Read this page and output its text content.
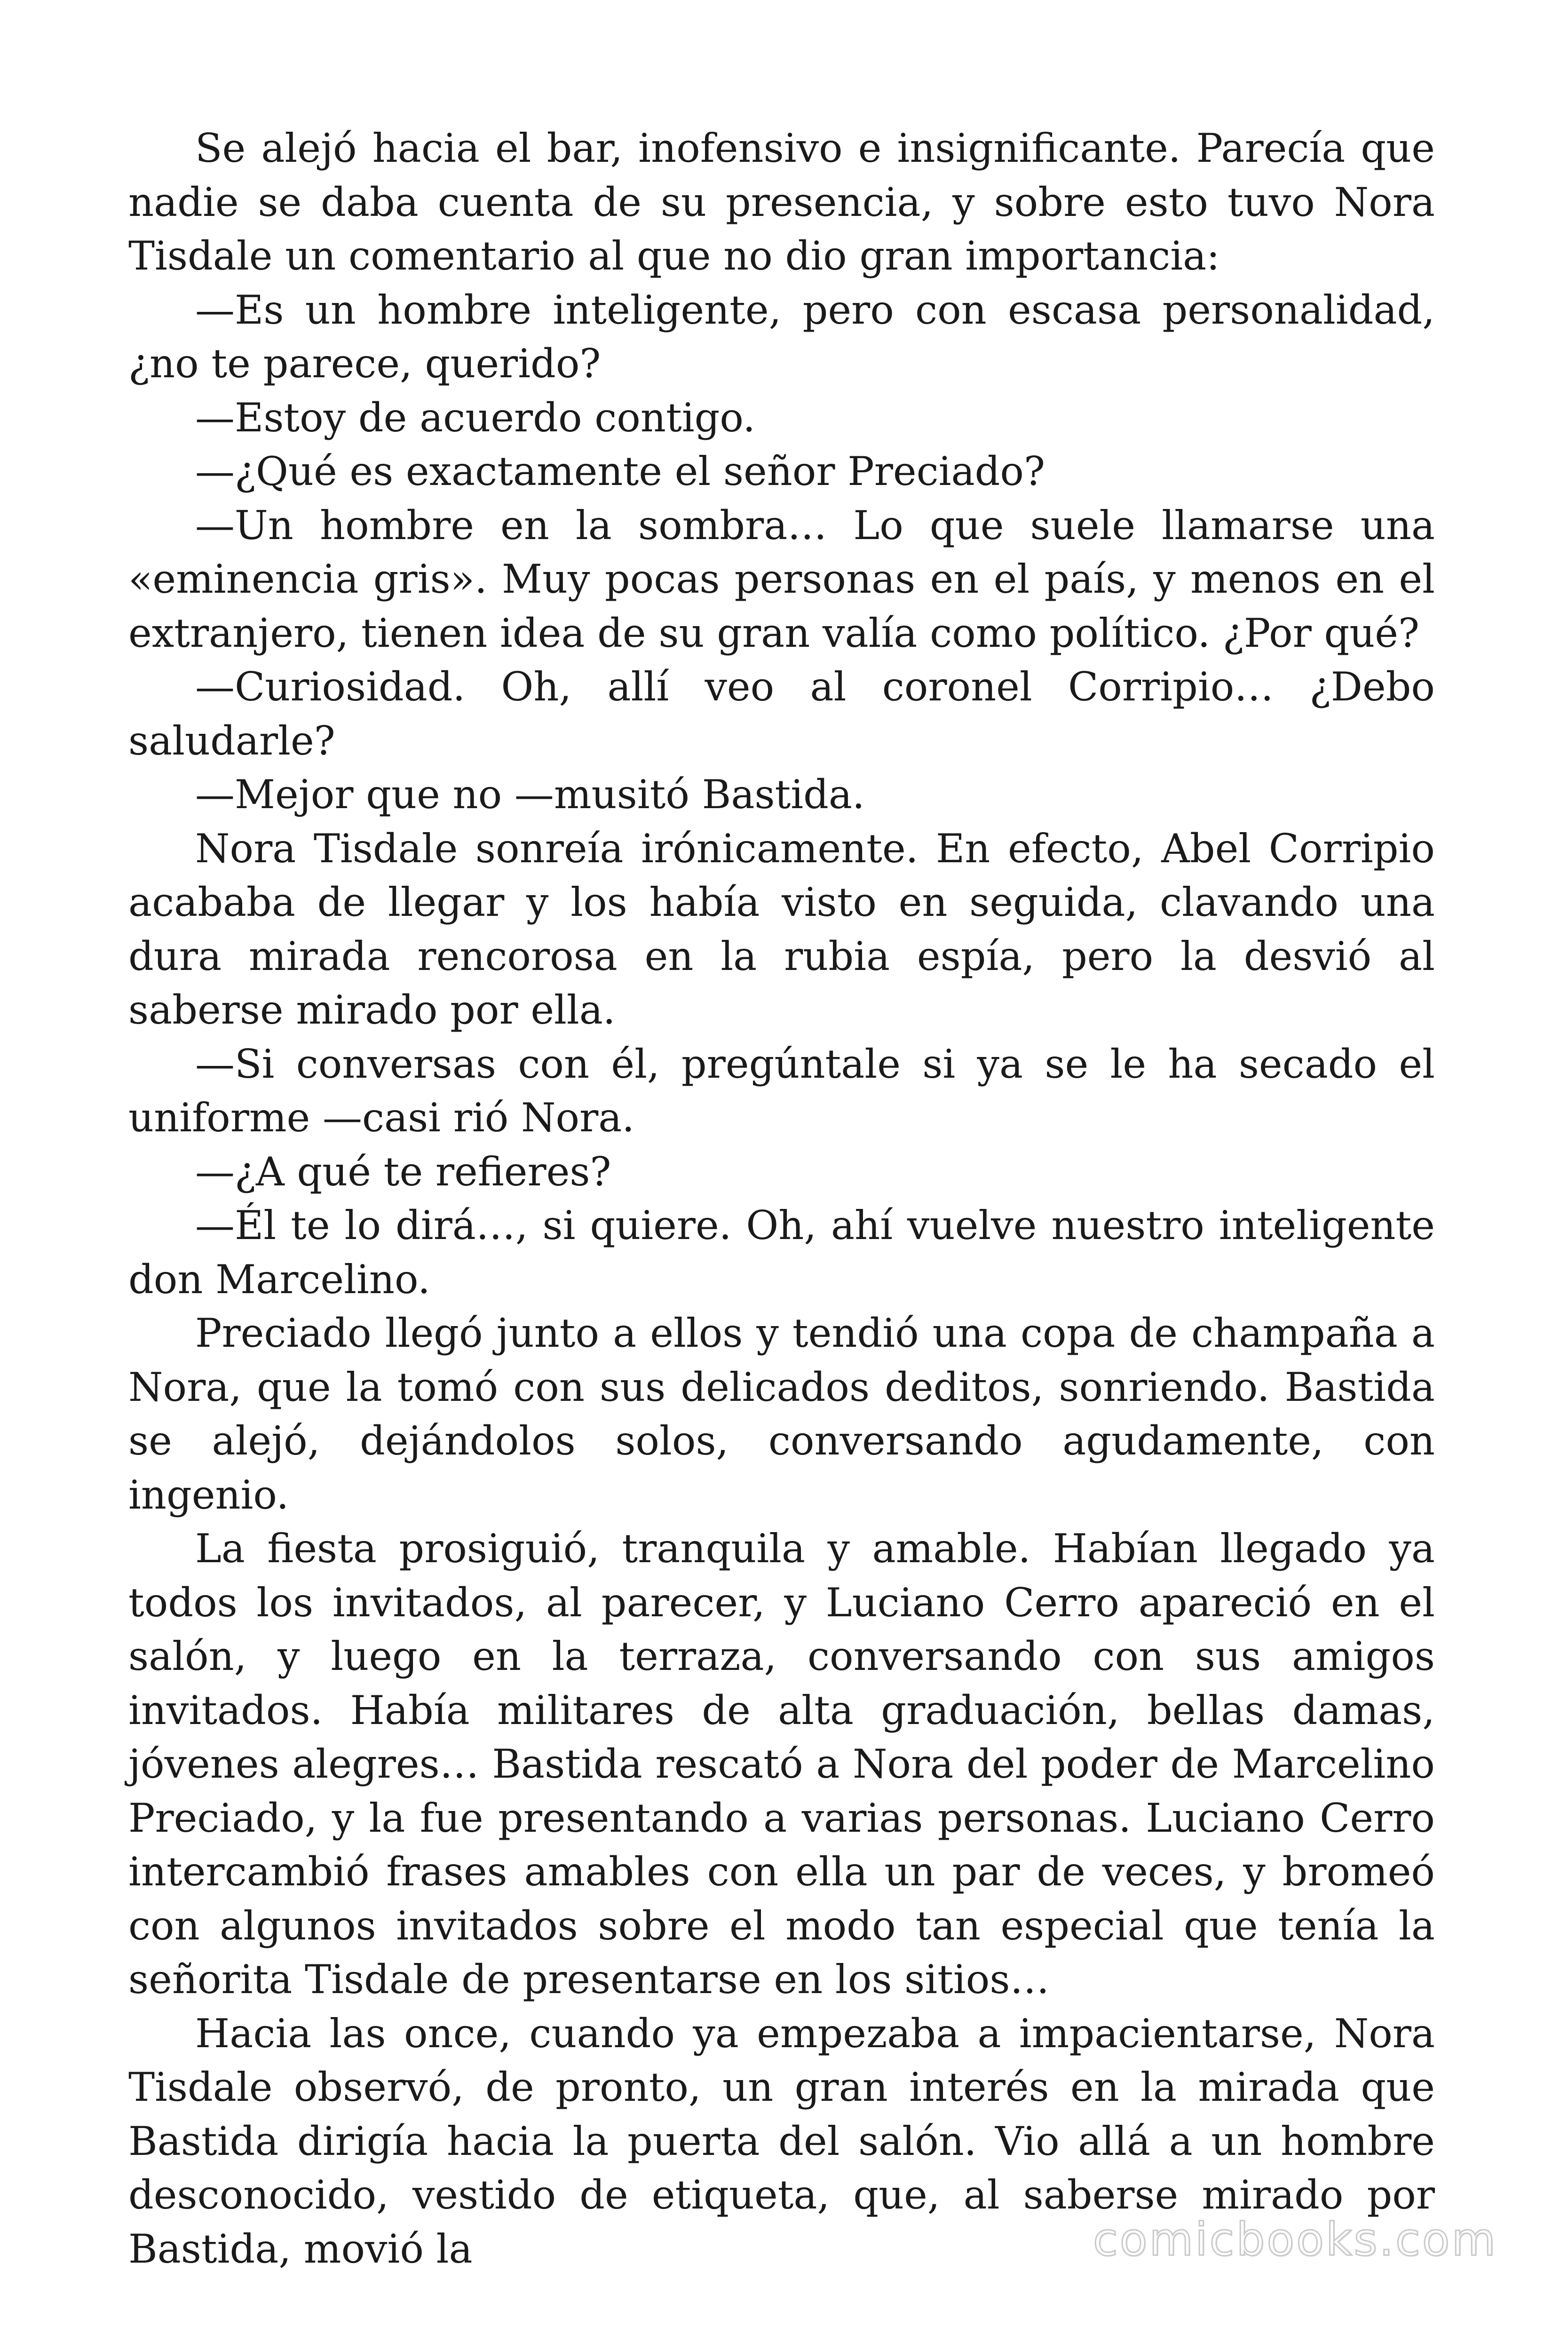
Se alejó hacia el bar, inofensivo e insignificante. Parecía que nadie se daba cuenta de su presencia, y sobre esto tuvo Nora Tisdale un comentario al que no dio gran importancia:

—Es un hombre inteligente, pero con escasa personalidad, ¿no te parece, querido?

—Estoy de acuerdo contigo.

—¿Qué es exactamente el señor Preciado?

—Un hombre en la sombra… Lo que suele llamarse una «eminencia gris». Muy pocas personas en el país, y menos en el extranjero, tienen idea de su gran valía como político. ¿Por qué?

—Curiosidad. Oh, allí veo al coronel Corripio… ¿Debo saludarle?

—Mejor que no —musitó Bastida.

Nora Tisdale sonreía irónicamente. En efecto, Abel Corripio acababa de llegar y los había visto en seguida, clavando una dura mirada rencorosa en la rubia espía, pero la desvió al saberse mirado por ella.

—Si conversas con él, pregúntale si ya se le ha secado el uniforme —casi rió Nora.

—¿A qué te refieres?

—Él te lo dirá…, si quiere. Oh, ahí vuelve nuestro inteligente don Marcelino.

Preciado llegó junto a ellos y tendió una copa de champaña a Nora, que la tomó con sus delicados deditos, sonriendo. Bastida se alejó, dejándolos solos, conversando agudamente, con ingenio.

La fiesta prosiguió, tranquila y amable. Habían llegado ya todos los invitados, al parecer, y Luciano Cerro apareció en el salón, y luego en la terraza, conversando con sus amigos invitados. Había militares de alta graduación, bellas damas, jóvenes alegres… Bastida rescató a Nora del poder de Marcelino Preciado, y la fue presentando a varias personas. Luciano Cerro intercambió frases amables con ella un par de veces, y bromeó con algunos invitados sobre el modo tan especial que tenía la señorita Tisdale de presentarse en los sitios…

Hacia las once, cuando ya empezaba a impacientarse, Nora Tisdale observó, de pronto, un gran interés en la mirada que Bastida dirigía hacia la puerta del salón. Vio allá a un hombre desconocido, vestido de etiqueta, que, al saberse mirado por Bastida, movió la	comicbooks.com
